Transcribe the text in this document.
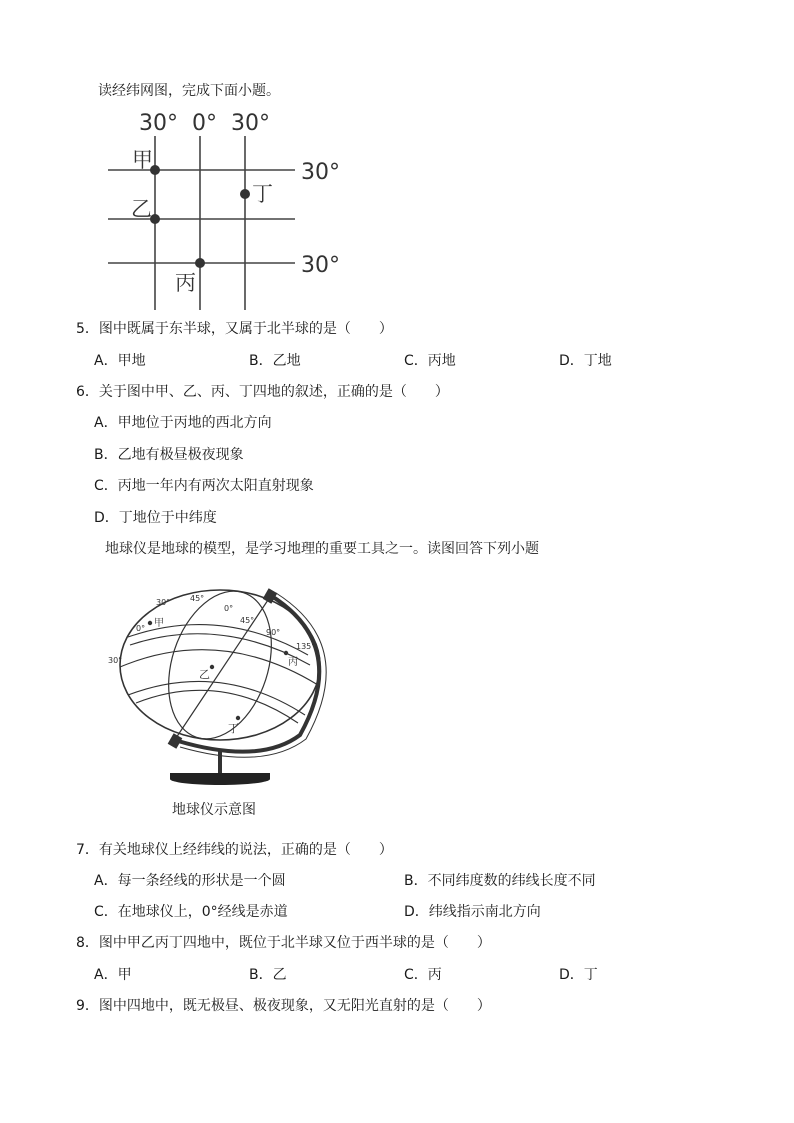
读经纬网图，完成下面小题。
30° 0° 30°
30°
30°
甲
乙
丙
丁
5．图中既属于东半球，又属于北半球的是（　　）
A．甲地	B．乙地	C．丙地	D．丁地
6．关于图中甲、乙、丙、丁四地的叙述，正确的是（　　）
A．甲地位于丙地的西北方向
B．乙地有极昼极夜现象
C．丙地一年内有两次太阳直射现象
D．丁地位于中纬度
地球仪是地球的模型，是学习地理的重要工具之一。读图回答下列小题
30° 45°
0°
0°
45°
90°
135°
30°
甲
乙
丙
丁
地球仪示意图
7．有关地球仪上经纬线的说法，正确的是（　　）
A．每一条经线的形状是一个圆	B．不同纬度数的纬线长度不同
C．在地球仪上，0°经线是赤道	D．纬线指示南北方向
8．图中甲乙丙丁四地中，既位于北半球又位于西半球的是（　　）
A．甲	B．乙	C．丙	D．丁
9．图中四地中，既无极昼、极夜现象，又无阳光直射的是（　　）
